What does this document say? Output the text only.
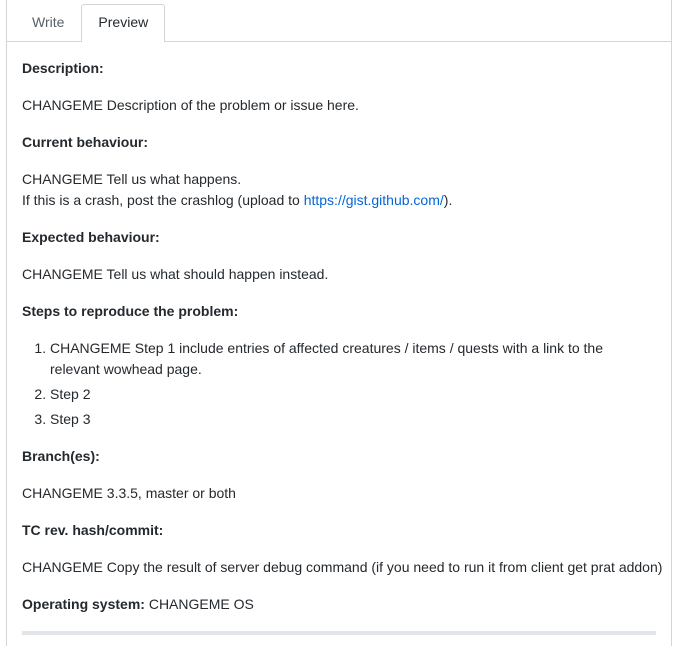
Write	Preview

Description:

CHANGEME Description of the problem or issue here.

Current behaviour:

CHANGEME Tell us what happens.
If this is a crash, post the crashlog (upload to https://gist.github.com/).

Expected behaviour:

CHANGEME Tell us what should happen instead.

Steps to reproduce the problem:

1. CHANGEME Step 1 include entries of affected creatures / items / quests with a link to the relevant wowhead page.
2. Step 2
3. Step 3

Branch(es):

CHANGEME 3.3.5, master or both

TC rev. hash/commit:

CHANGEME Copy the result of server debug command (if you need to run it from client get prat addon)

Operating system: CHANGEME OS
